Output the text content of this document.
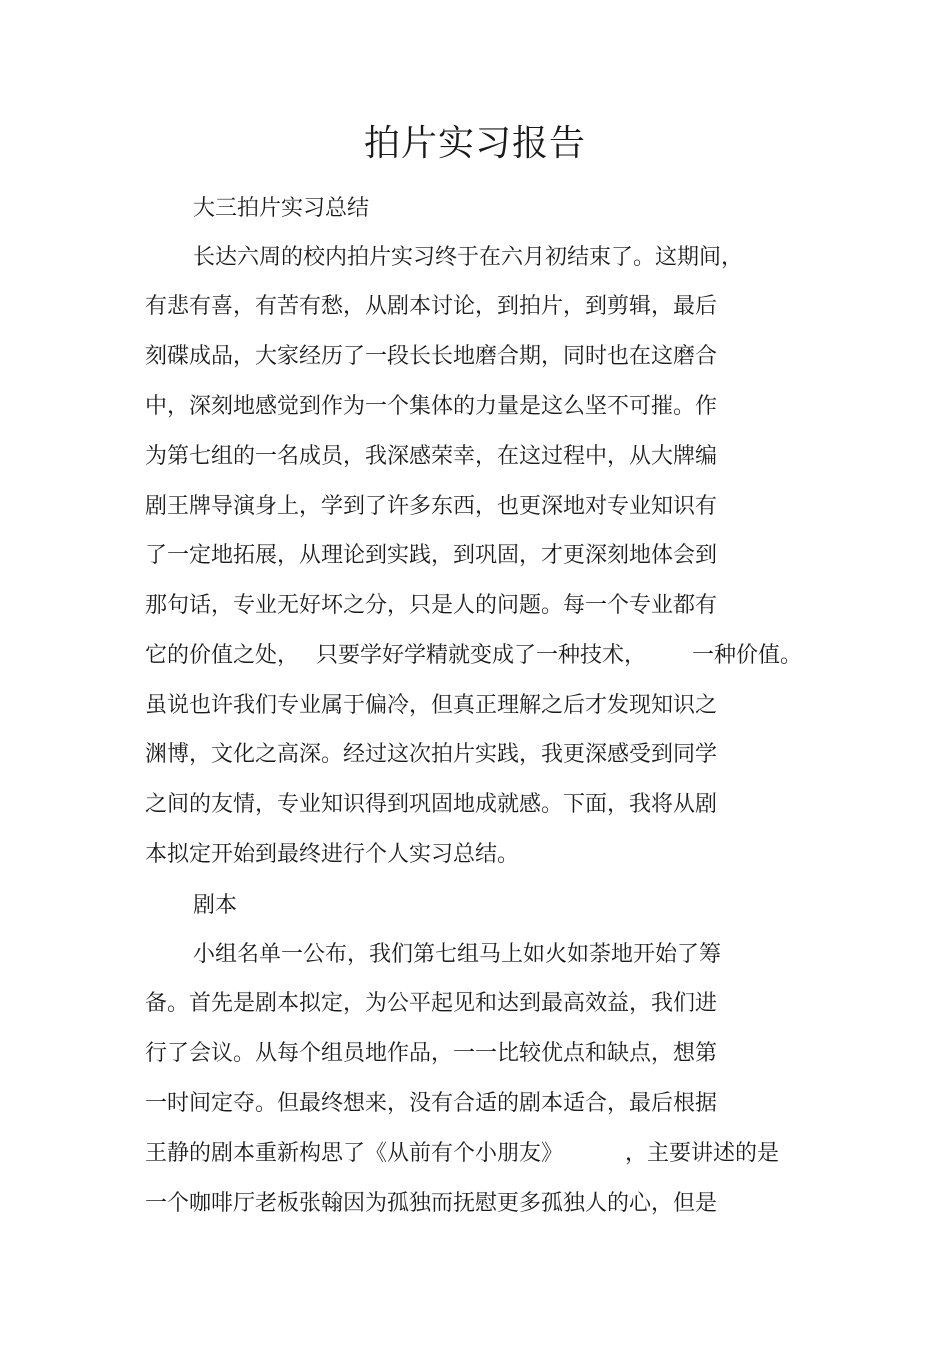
拍片实习报告

大三拍片实习总结

长达六周的校内拍片实习终于在六月初结束了。这期间，

有悲有喜，有苦有愁，从剧本讨论，到拍片，到剪辑，最后

刻碟成品，大家经历了一段长长地磨合期，同时也在这磨合

中，深刻地感觉到作为一个集体的力量是这么坚不可摧。作

为第七组的一名成员，我深感荣幸，在这过程中，从大牌编

剧王牌导演身上，学到了许多东西，也更深地对专业知识有

了一定地拓展，从理论到实践，到巩固，才更深刻地体会到

那句话，专业无好坏之分，只是人的问题。每一个专业都有

它的价值之处， 只要学好学精就变成了一种技术， 一种价值。

虽说也许我们专业属于偏冷，但真正理解之后才发现知识之

渊博，文化之高深。经过这次拍片实践，我更深感受到同学

之间的友情，专业知识得到巩固地成就感。下面，我将从剧

本拟定开始到最终进行个人实习总结。

剧本

小组名单一公布，我们第七组马上如火如荼地开始了筹

备。首先是剧本拟定，为公平起见和达到最高效益，我们进

行了会议。从每个组员地作品，一一比较优点和缺点，想第

一时间定夺。但最终想来，没有合适的剧本适合，最后根据

王静的剧本重新构思了《从前有个小朋友》	，主要讲述的是

一个咖啡厅老板张翰因为孤独而抚慰更多孤独人的心，但是
